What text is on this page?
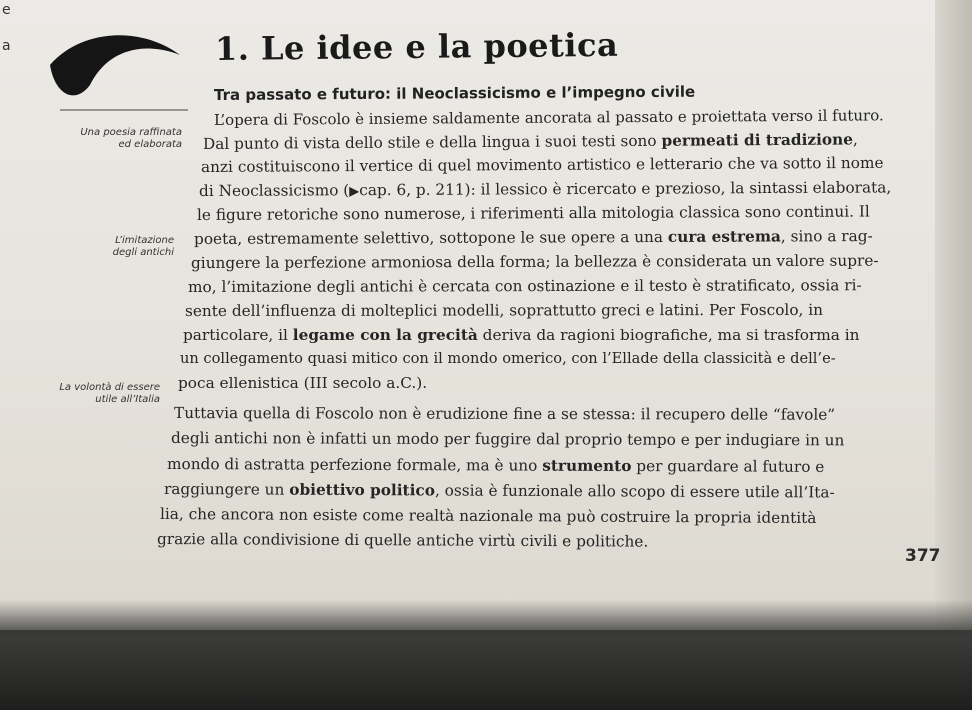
e
a	1. Le idee e la poetica
Tra passato e futuro: il Neoclassicismo e l’impegno civile
Una poesia raffinata
ed elaborata
L’imitazione
degli antichi
La volontà di essere
utile all’Italia
L’opera di Foscolo è insieme saldamente ancorata al passato e proiettata verso il futuro.
Dal punto di vista dello stile e della lingua i suoi testi sono permeati di tradizione,
anzi costituiscono il vertice di quel movimento artistico e letterario che va sotto il nome
di Neoclassicismo (▶cap. 6, p. 211): il lessico è ricercato e prezioso, la sintassi elaborata,
le figure retoriche sono numerose, i riferimenti alla mitologia classica sono continui. Il
poeta, estremamente selettivo, sottopone le sue opere a una cura estrema, sino a rag-
giungere la perfezione armoniosa della forma; la bellezza è considerata un valore supre-
mo, l’imitazione degli antichi è cercata con ostinazione e il testo è stratificato, ossia ri-
sente dell’influenza di molteplici modelli, soprattutto greci e latini. Per Foscolo, in
particolare, il legame con la grecità deriva da ragioni biografiche, ma si trasforma in
un collegamento quasi mitico con il mondo omerico, con l’Ellade della classicità e dell’e-
poca ellenistica (III secolo a.C.).
Tuttavia quella di Foscolo non è erudizione fine a se stessa: il recupero delle “favole”
degli antichi non è infatti un modo per fuggire dal proprio tempo e per indugiare in un
mondo di astratta perfezione formale, ma è uno strumento per guardare al futuro e
raggiungere un obiettivo politico, ossia è funzionale allo scopo di essere utile all’Ita-
lia, che ancora non esiste come realtà nazionale ma può costruire la propria identità
grazie alla condivisione di quelle antiche virtù civili e politiche.
377
